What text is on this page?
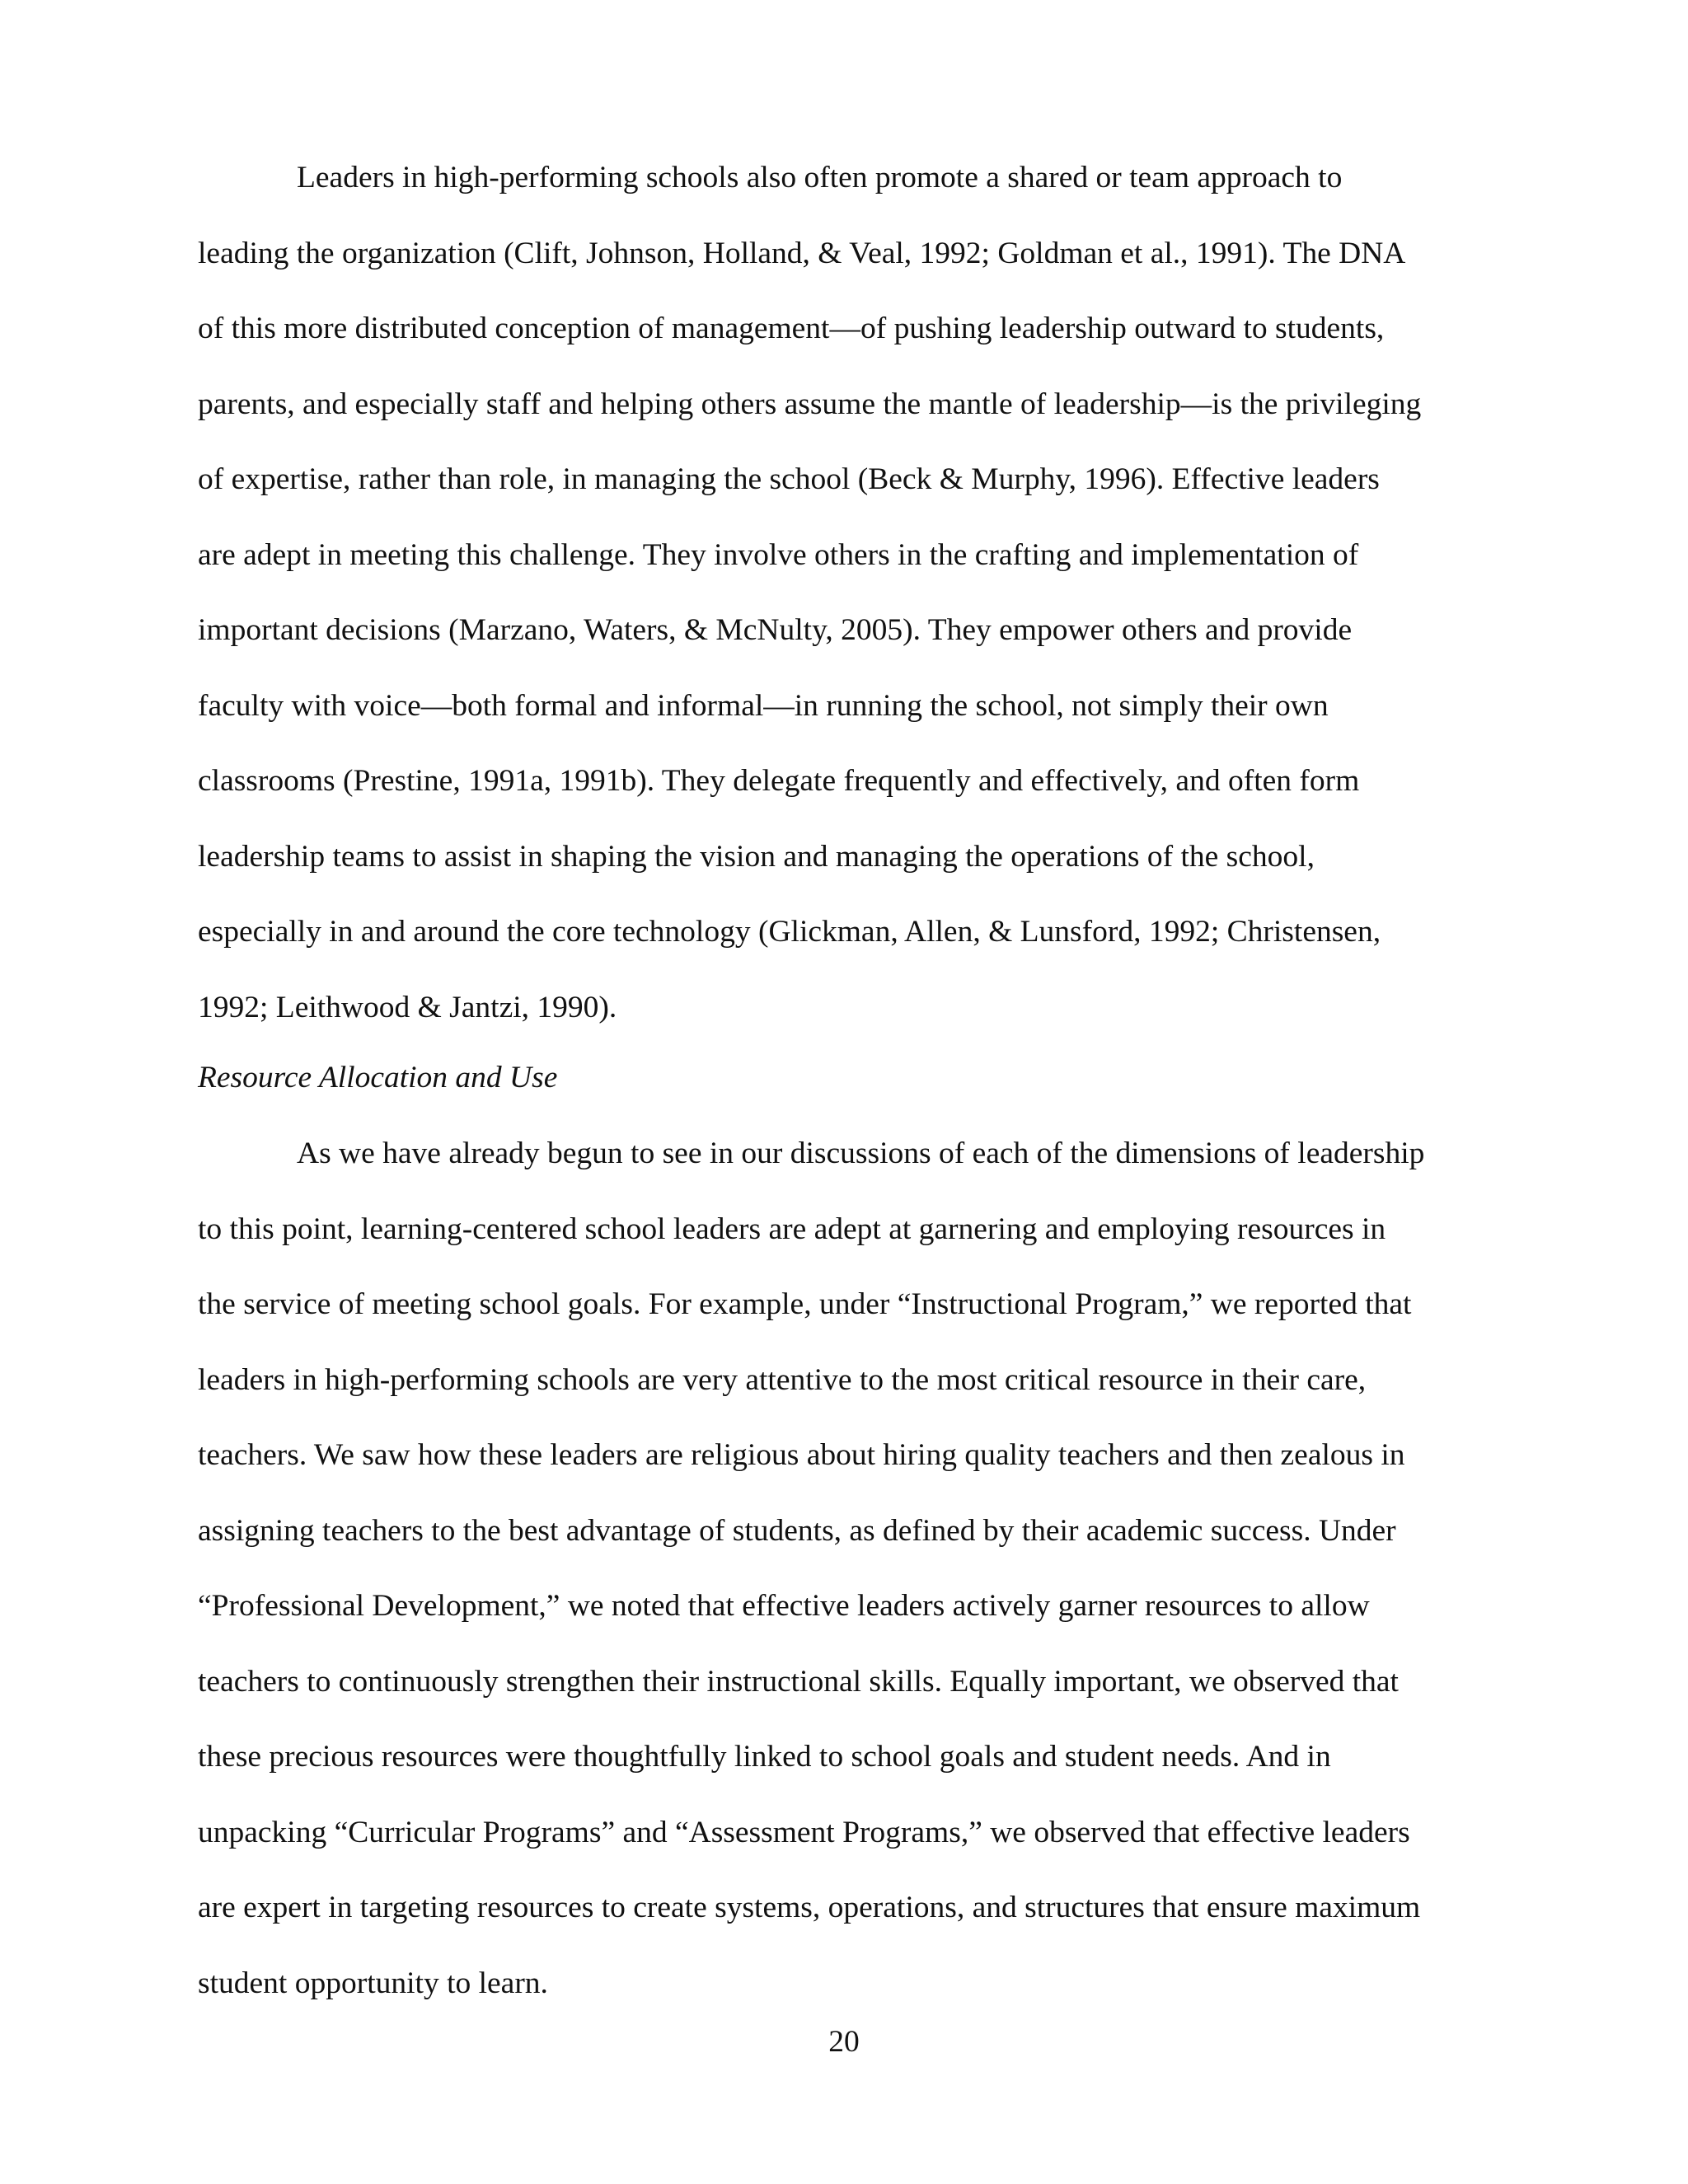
Leaders in high-performing schools also often promote a shared or team approach to
leading the organization (Clift, Johnson, Holland, & Veal, 1992; Goldman et al., 1991). The DNA
of this more distributed conception of management—of pushing leadership outward to students,
parents, and especially staff and helping others assume the mantle of leadership—is the privileging
of expertise, rather than role, in managing the school (Beck & Murphy, 1996). Effective leaders
are adept in meeting this challenge. They involve others in the crafting and implementation of
important decisions (Marzano, Waters, & McNulty, 2005). They empower others and provide
faculty with voice—both formal and informal—in running the school, not simply their own
classrooms (Prestine, 1991a, 1991b). They delegate frequently and effectively, and often form
leadership teams to assist in shaping the vision and managing the operations of the school,
especially in and around the core technology (Glickman, Allen, & Lunsford, 1992; Christensen,
1992; Leithwood & Jantzi, 1990).
Resource Allocation and Use
As we have already begun to see in our discussions of each of the dimensions of leadership
to this point, learning-centered school leaders are adept at garnering and employing resources in
the service of meeting school goals. For example, under “Instructional Program,” we reported that
leaders in high-performing schools are very attentive to the most critical resource in their care,
teachers. We saw how these leaders are religious about hiring quality teachers and then zealous in
assigning teachers to the best advantage of students, as defined by their academic success. Under
“Professional Development,” we noted that effective leaders actively garner resources to allow
teachers to continuously strengthen their instructional skills. Equally important, we observed that
these precious resources were thoughtfully linked to school goals and student needs. And in
unpacking “Curricular Programs” and “Assessment Programs,” we observed that effective leaders
are expert in targeting resources to create systems, operations, and structures that ensure maximum
student opportunity to learn.
20
